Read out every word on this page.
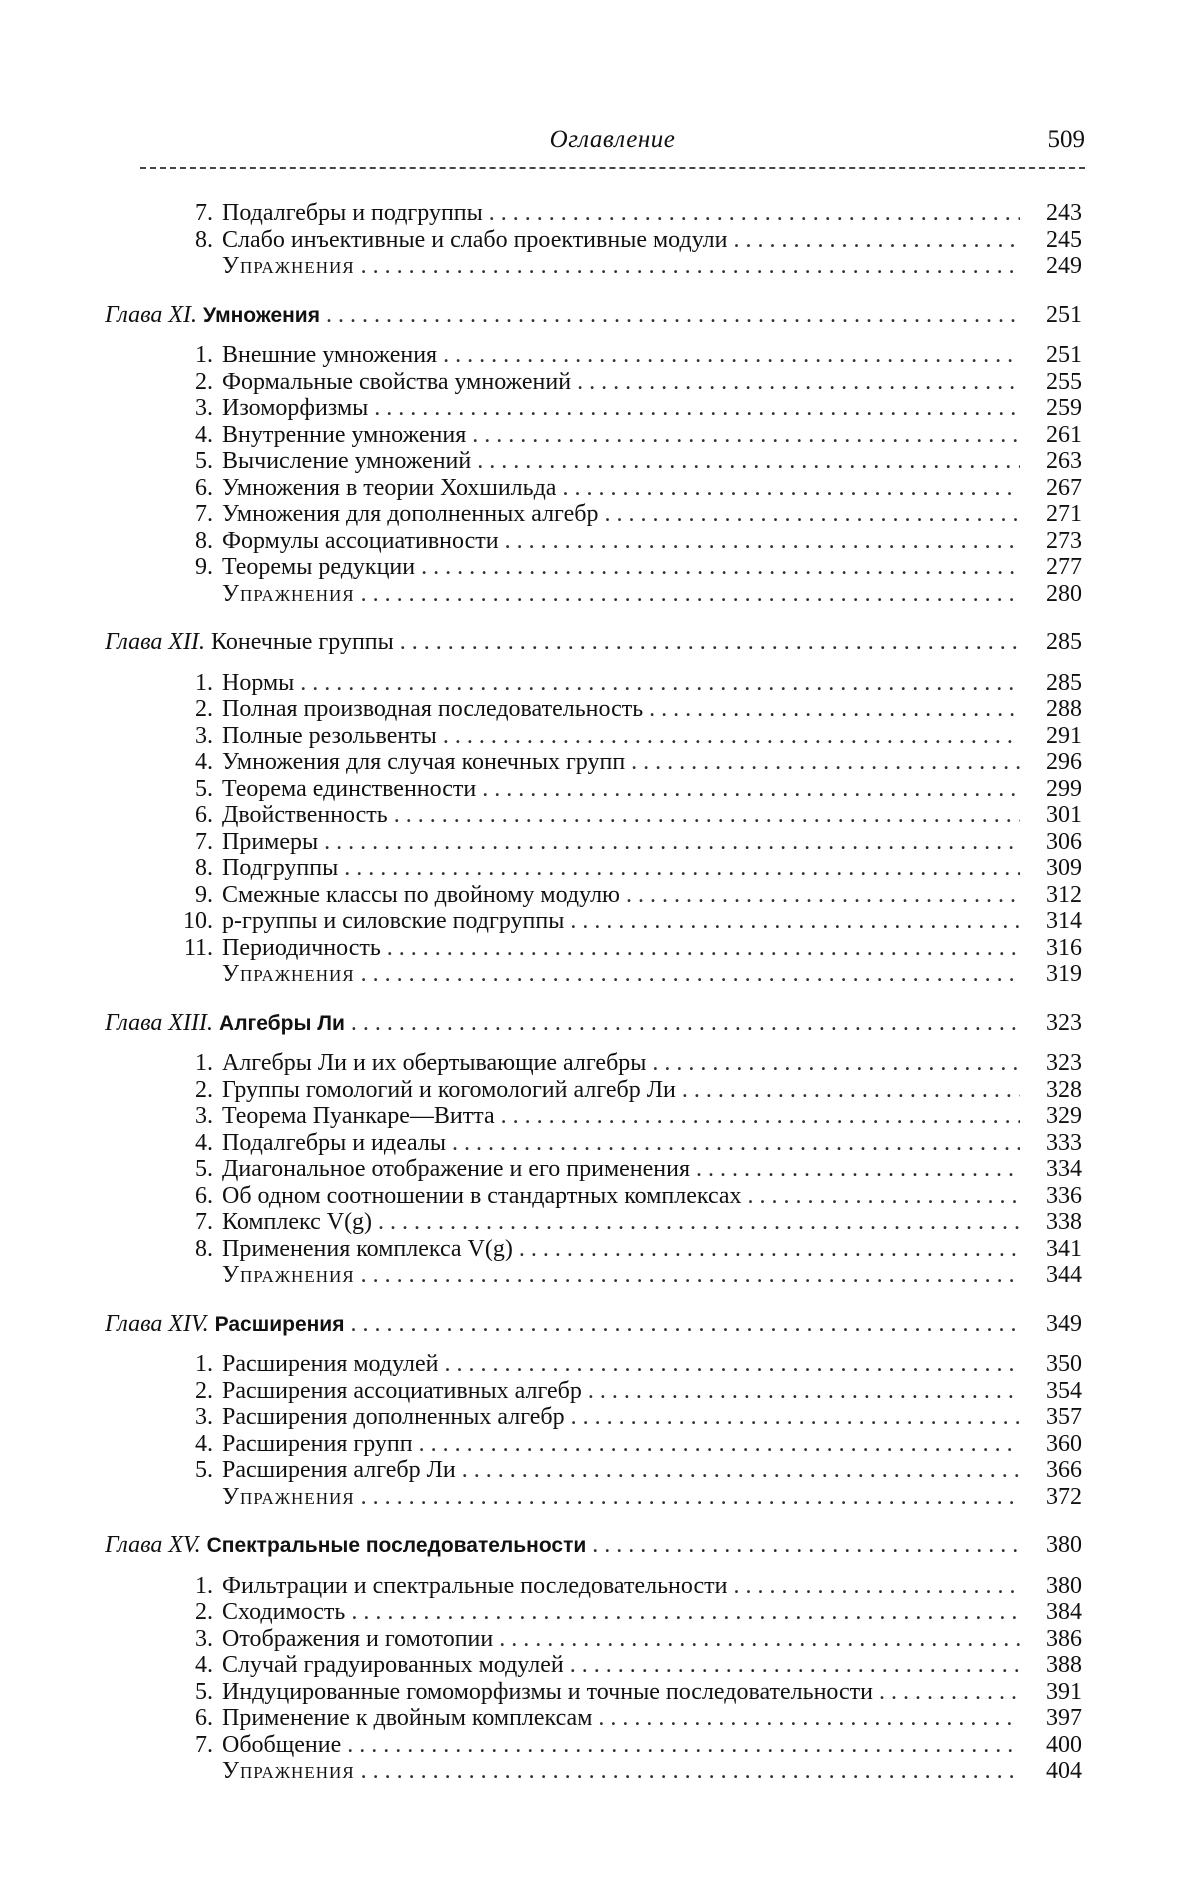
Оглавление	509
7. Подалгебры и подгруппы . . .	243
8. Слабо инъективные и слабо проективные модули . . .	245
Упражнения . . .	249
Глава XI. Умножения . . .	251
1. Внешние умножения . . .	251
2. Формальные свойства умножений . . .	255
3. Изоморфизмы . . .	259
4. Внутренние умножения . . .	261
5. Вычисление умножений . . .	263
6. Умножения в теории Хохшильда . . .	267
7. Умножения для дополненных алгебр . . .	271
8. Формулы ассоциативности . . .	273
9. Теоремы редукции . . .	277
Упражнения . . .	280
Глава XII. Конечные группы . . .	285
1. Нормы . . .	285
2. Полная производная последовательность . . .	288
3. Полные резольвенты . . .	291
4. Умножения для случая конечных групп . . .	296
5. Теорема единственности . . .	299
6. Двойственность . . .	301
7. Примеры . . .	306
8. Подгруппы . . .	309
9. Смежные классы по двойному модулю . . .	312
10. p-группы и силовские подгруппы . . .	314
11. Периодичность . . .	316
Упражнения . . .	319
Глава XIII. Алгебры Ли . . .	323
1. Алгебры Ли и их обертывающие алгебры . . .	323
2. Группы гомологий и когомологий алгебр Ли . . .	328
3. Теорема Пуанкаре—Витта . . .	329
4. Подалгебры и идеалы . . .	333
5. Диагональное отображение и его применения . . .	334
6. Об одном соотношении в стандартных комплексах . . .	336
7. Комплекс V(g) . . .	338
8. Применения комплекса V(g) . . .	341
Упражнения . . .	344
Глава XIV. Расширения . . .	349
1. Расширения модулей . . .	350
2. Расширения ассоциативных алгебр . . .	354
3. Расширения дополненных алгебр . . .	357
4. Расширения групп . . .	360
5. Расширения алгебр Ли . . .	366
Упражнения . . .	372
Глава XV. Спектральные последовательности . . .	380
1. Фильтрации и спектральные последовательности . . .	380
2. Сходимость . . .	384
3. Отображения и гомотопии . . .	386
4. Случай градуированных модулей . . .	388
5. Индуцированные гомоморфизмы и точные последовательности . . .	391
6. Применение к двойным комплексам . . .	397
7. Обобщение . . .	400
Упражнения . . .	404
